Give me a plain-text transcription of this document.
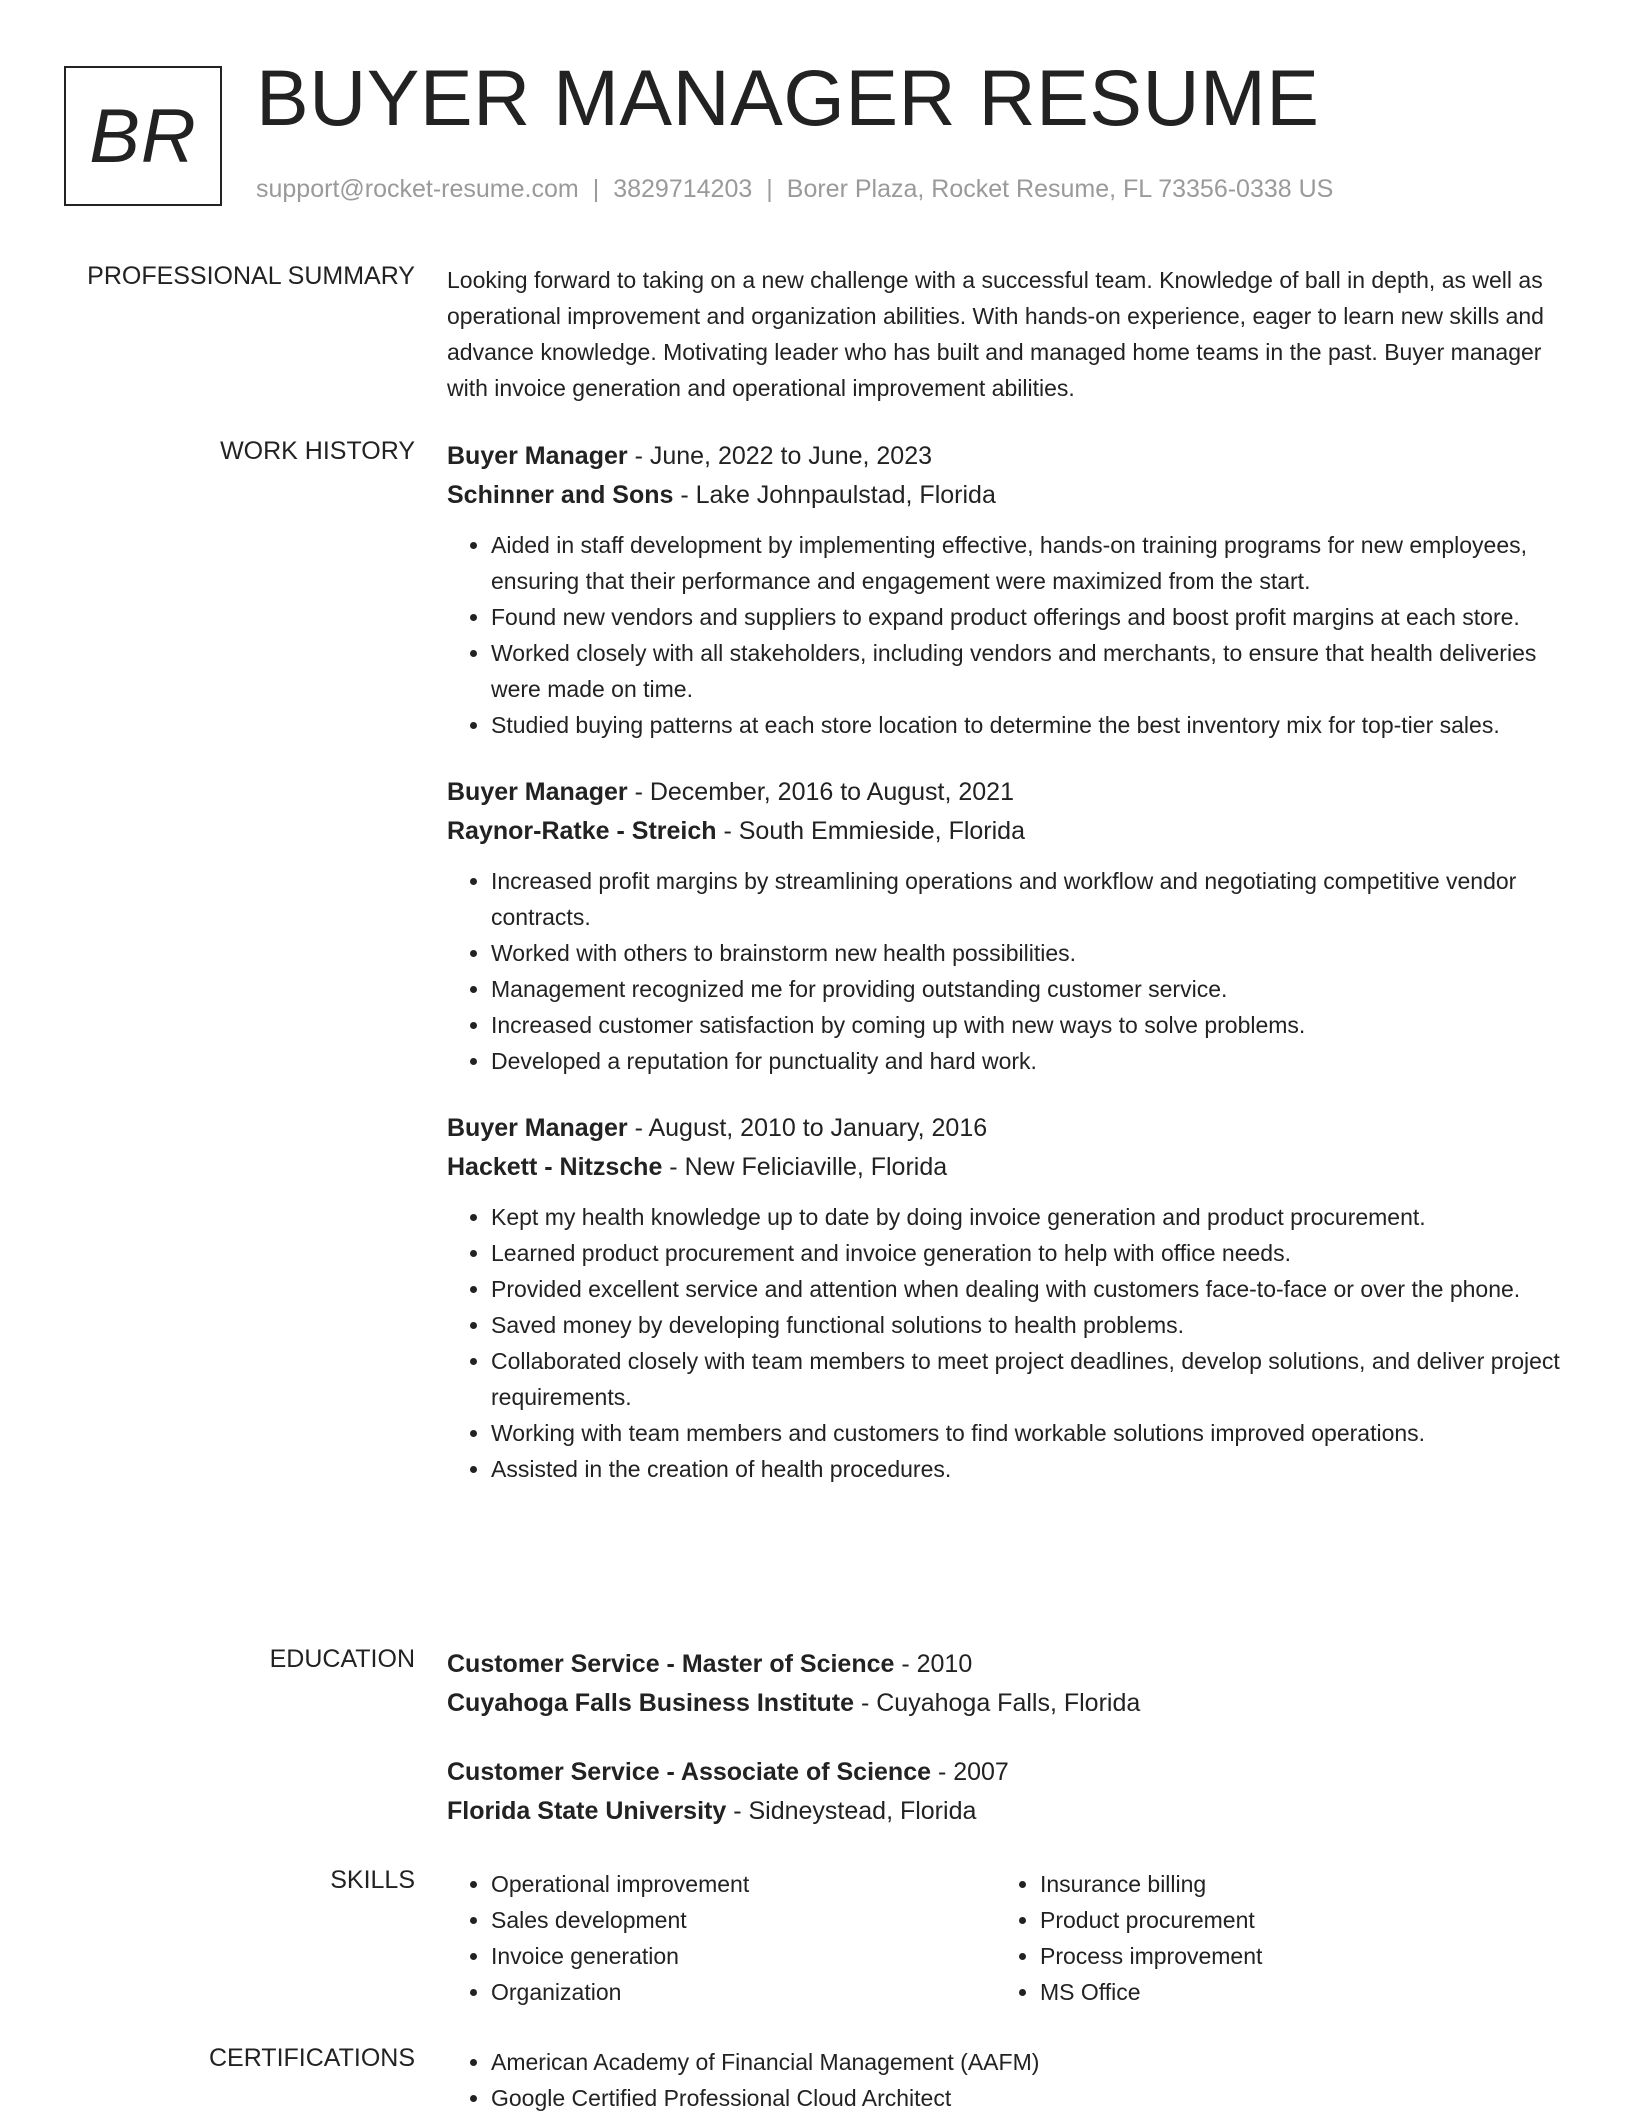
BR BUYER MANAGER RESUME
support@rocket-resume.com | 3829714203 | Borer Plaza, Rocket Resume, FL 73356-0338 US
PROFESSIONAL SUMMARY Looking forward to taking on a new challenge with a successful team. Knowledge of ball in depth, as well as operational improvement and organization abilities. With hands-on experience, eager to learn new skills and advance knowledge. Motivating leader who has built and managed home teams in the past. Buyer manager with invoice generation and operational improvement abilities.

WORK HISTORY Buyer Manager - June, 2022 to June, 2023
Schinner and Sons - Lake Johnpaulstad, Florida
• Aided in staff development by implementing effective, hands-on training programs for new employees, ensuring that their performance and engagement were maximized from the start.
• Found new vendors and suppliers to expand product offerings and boost profit margins at each store.
• Worked closely with all stakeholders, including vendors and merchants, to ensure that health deliveries were made on time.
• Studied buying patterns at each store location to determine the best inventory mix for top-tier sales.
Buyer Manager - December, 2016 to August, 2021
Raynor-Ratke - Streich - South Emmieside, Florida
• Increased profit margins by streamlining operations and workflow and negotiating competitive vendor contracts.
• Worked with others to brainstorm new health possibilities.
• Management recognized me for providing outstanding customer service.
• Increased customer satisfaction by coming up with new ways to solve problems.
• Developed a reputation for punctuality and hard work.
Buyer Manager - August, 2010 to January, 2016
Hackett - Nitzsche - New Feliciaville, Florida
• Kept my health knowledge up to date by doing invoice generation and product procurement.
• Learned product procurement and invoice generation to help with office needs.
• Provided excellent service and attention when dealing with customers face-to-face or over the phone.
• Saved money by developing functional solutions to health problems.
• Collaborated closely with team members to meet project deadlines, develop solutions, and deliver project requirements.
• Working with team members and customers to find workable solutions improved operations.
• Assisted in the creation of health procedures.
EDUCATION Customer Service - Master of Science - 2010
Cuyahoga Falls Business Institute - Cuyahoga Falls, Florida
Customer Service - Associate of Science - 2007
Florida State University - Sidneystead, Florida
SKILLS	• Operational improvement
• Sales development
• Invoice generation
• Organization
• Insurance billing
• Product procurement
• Process improvement
• MS Office
CERTIFICATIONS	• American Academy of Financial Management (AAFM)
• Google Certified Professional Cloud Architect
